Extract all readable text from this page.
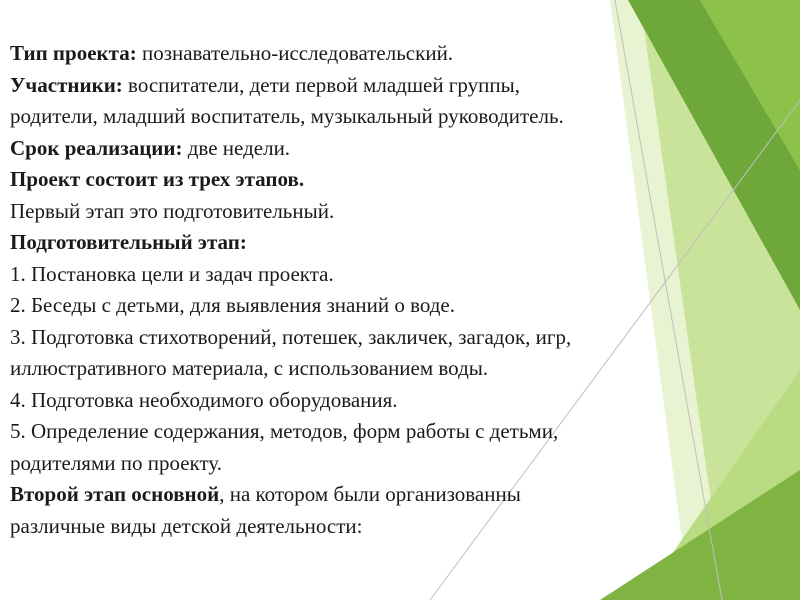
Тип проекта: познавательно-исследовательский.
Участники: воспитатели, дети первой младшей группы,
родители, младший воспитатель, музыкальный руководитель.
Срок реализации: две недели.
Проект состоит из трех этапов.
Первый этап это подготовительный.
Подготовительный этап:
1. Постановка цели и задач проекта.
2. Беседы с детьми, для выявления знаний о воде.
3. Подготовка стихотворений, потешек, закличек, загадок, игр,
иллюстративного материала, с использованием воды.
4. Подготовка необходимого оборудования.
5. Определение содержания, методов, форм работы с детьми,
родителями по проекту.
Второй этап основной, на котором были организованны
различные виды детской деятельности:
